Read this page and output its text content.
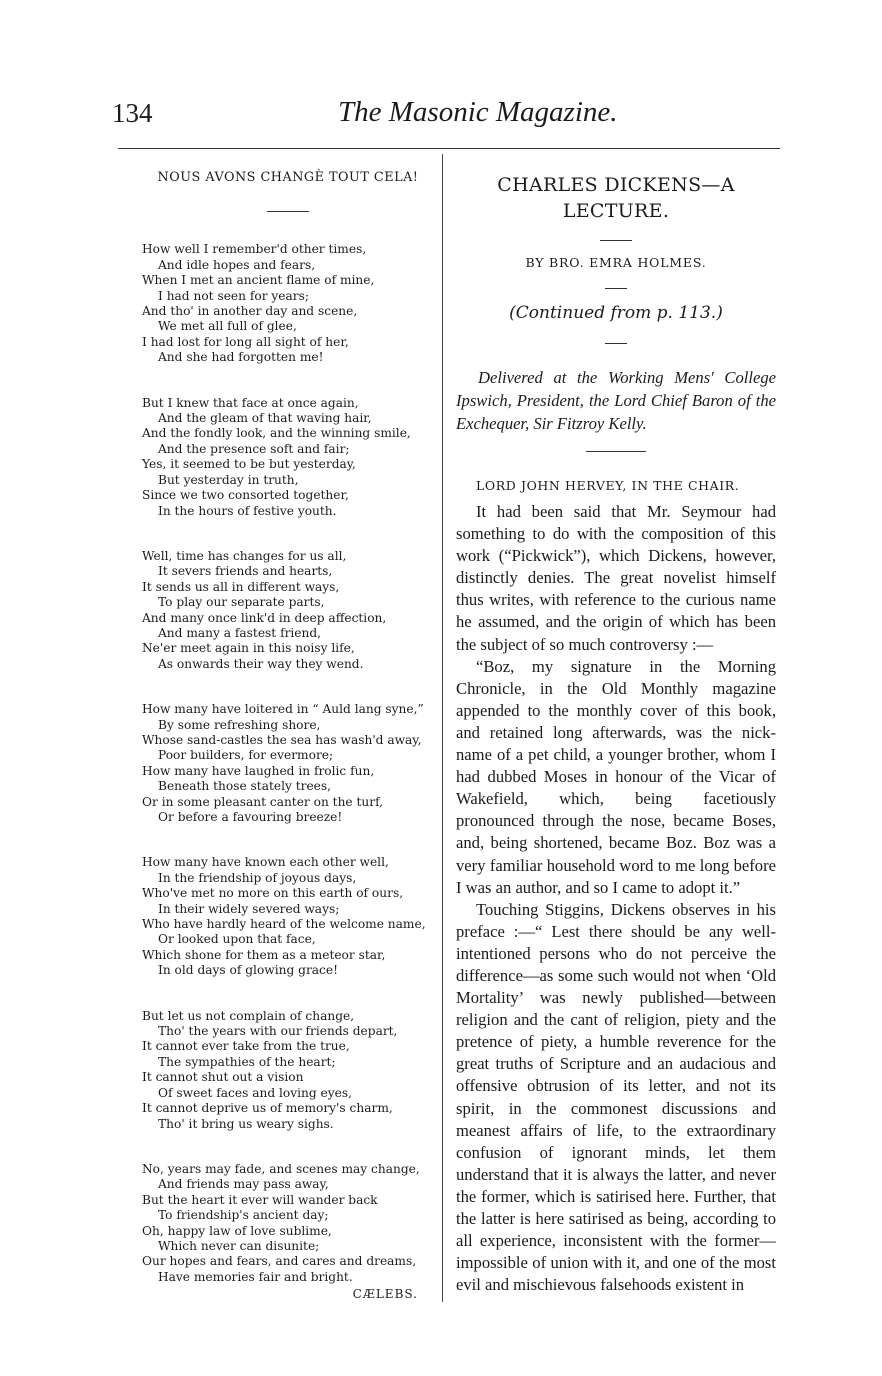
134	The Masonic Magazine.
NOUS AVONS CHANGÈ TOUT CELA!
How well I remember'd other times,
And idle hopes and fears,
When I met an ancient flame of mine,
I had not seen for years;
And tho' in another day and scene,
We met all full of glee,
I had lost for long all sight of her,
And she had forgotten me!
But I knew that face at once again,
And the gleam of that waving hair,
And the fondly look, and the winning smile,
And the presence soft and fair;
Yes, it seemed to be but yesterday,
But yesterday in truth,
Since we two consorted together,
In the hours of festive youth.
Well, time has changes for us all,
It severs friends and hearts,
It sends us all in different ways,
To play our separate parts,
And many once link'd in deep affection,
And many a fastest friend,
Ne'er meet again in this noisy life,
As onwards their way they wend.
How many have loitered in “ Auld lang syne,”
By some refreshing shore,
Whose sand-castles the sea has wash'd away,
Poor builders, for evermore;
How many have laughed in frolic fun,
Beneath those stately trees,
Or in some pleasant canter on the turf,
Or before a favouring breeze!
How many have known each other well,
In the friendship of joyous days,
Who've met no more on this earth of ours,
In their widely severed ways;
Who have hardly heard of the welcome name,
Or looked upon that face,
Which shone for them as a meteor star,
In old days of glowing grace!
But let us not complain of change,
Tho' the years with our friends depart,
It cannot ever take from the true,
The sympathies of the heart;
It cannot shut out a vision
Of sweet faces and loving eyes,
It cannot deprive us of memory's charm,
Tho' it bring us weary sighs.
No, years may fade, and scenes may change,
And friends may pass away,
But the heart it ever will wander back
To friendship's ancient day;
Oh, happy law of love sublime,
Which never can disunite;
Our hopes and fears, and cares and dreams,
Have memories fair and bright.
CÆLEBS.
CHARLES DICKENS—A
LECTURE.
BY BRO. EMRA HOLMES.
(Continued from p. 113.)

Delivered at the Working Mens' College Ipswich, President, the Lord Chief Baron of the Exchequer, Sir Fitzroy Kelly.

LORD JOHN HERVEY, IN THE CHAIR.

It had been said that Mr. Seymour had something to do with the composition of this work (“Pickwick”), which Dickens, however, distinctly denies. The great novelist himself thus writes, with reference to the curious name he assumed, and the origin of which has been the subject of so much controversy :—

“Boz, my signature in the Morning Chronicle, in the Old Monthly magazine appended to the monthly cover of this book, and retained long afterwards, was the nick-name of a pet child, a younger brother, whom I had dubbed Moses in honour of the Vicar of Wakefield, which, being facetiously pronounced through the nose, became Boses, and, being shortened, became Boz. Boz was a very familiar household word to me long before I was an author, and so I came to adopt it.”

Touching Stiggins, Dickens observes in his preface :—“ Lest there should be any well-intentioned persons who do not perceive the difference—as some such would not when ‘Old Mortality’ was newly published—between religion and the cant of religion, piety and the pretence of piety, a humble reverence for the great truths of Scripture and an audacious and offensive obtrusion of its letter, and not its spirit, in the commonest discussions and meanest affairs of life, to the extraordinary confusion of ignorant minds, let them understand that it is always the latter, and never the former, which is satirised here. Further, that the latter is here satirised as being, according to all experience, inconsistent with the former—impossible of union with it, and one of the most evil and mischievous falsehoods existent in
